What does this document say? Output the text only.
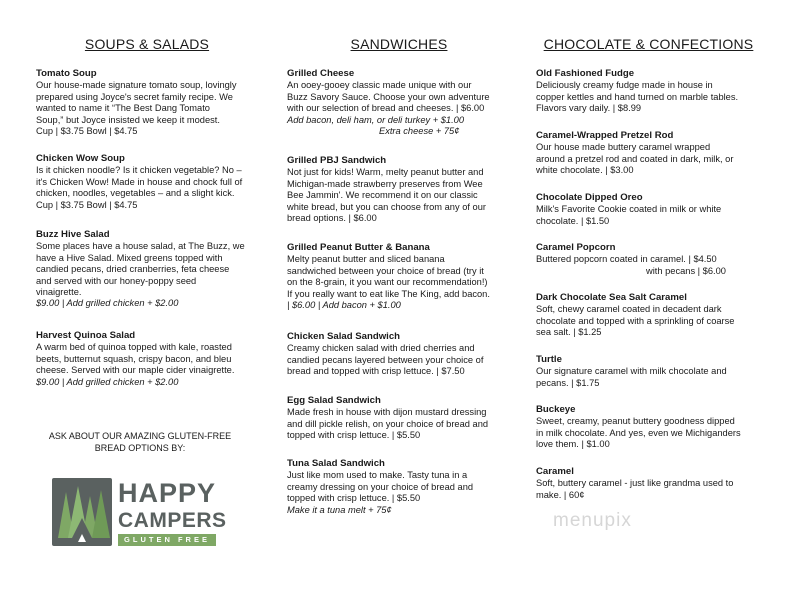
SOUPS & SALADS
Tomato Soup
Our house-made signature tomato soup, lovingly
prepared using Joyce's secret family recipe. We
wanted to name it “The Best Dang Tomato
Soup,” but Joyce insisted we keep it modest.
Cup | $3.75 Bowl | $4.75
Chicken Wow Soup
Is it chicken noodle? Is it chicken vegetable? No –
it's Chicken Wow! Made in house and chock full of
chicken, noodles, vegetables – and a slight kick.
Cup | $3.75 Bowl | $4.75
Buzz Hive Salad
Some places have a house salad, at The Buzz, we
have a Hive Salad. Mixed greens topped with
candied pecans, dried cranberries, feta cheese
and served with our honey-poppy seed
vinaigrette.
$9.00 | Add grilled chicken + $2.00
Harvest Quinoa Salad
A warm bed of quinoa topped with kale, roasted
beets, butternut squash, crispy bacon, and bleu
cheese. Served with our maple cider vinaigrette.
$9.00 | Add grilled chicken + $2.00
ASK ABOUT OUR AMAZING GLUTEN-FREE
BREAD OPTIONS BY:
HAPPY
CAMPERS
GLUTEN FREE
SANDWICHES
Grilled Cheese
An ooey-gooey classic made unique with our
Buzz Savory Sauce. Choose your own adventure
with our selection of bread and cheeses. | $6.00
Add bacon, deli ham, or deli turkey + $1.00
Extra cheese + 75¢
Grilled PBJ Sandwich
Not just for kids! Warm, melty peanut butter and
Michigan-made strawberry preserves from Wee
Bee Jammin'. We recommend it on our classic
white bread, but you can choose from any of our
bread options. | $6.00
Grilled Peanut Butter & Banana
Melty peanut butter and sliced banana
sandwiched between your choice of bread (try it
on the 8-grain, it you want our recommendation!)
If you really want to eat like The King, add bacon.
| $6.00 | Add bacon + $1.00
Chicken Salad Sandwich
Creamy chicken salad with dried cherries and
candied pecans layered between your choice of
bread and topped with crisp lettuce. | $7.50
Egg Salad Sandwich
Made fresh in house with dijon mustard dressing
and dill pickle relish, on your choice of bread and
topped with crisp lettuce. | $5.50
Tuna Salad Sandwich
Just like mom used to make. Tasty tuna in a
creamy dressing on your choice of bread and
topped with crisp lettuce. | $5.50
Make it a tuna melt + 75¢
CHOCOLATE & CONFECTIONS
Old Fashioned Fudge
Deliciously creamy fudge made in house in
copper kettles and hand turned on marble tables.
Flavors vary daily. | $8.99
Caramel-Wrapped Pretzel Rod
Our house made buttery caramel wrapped
around a pretzel rod and coated in dark, milk, or
white chocolate. | $3.00
Chocolate Dipped Oreo
Milk's Favorite Cookie coated in milk or white
chocolate. | $1.50
Caramel Popcorn
Buttered popcorn coated in caramel. | $4.50
with pecans | $6.00
Dark Chocolate Sea Salt Caramel
Soft, chewy caramel coated in decadent dark
chocolate and topped with a sprinkling of coarse
sea salt. | $1.25
Turtle
Our signature caramel with milk chocolate and
pecans. | $1.75
Buckeye
Sweet, creamy, peanut buttery goodness dipped
in milk chocolate. And yes, even we Michiganders
love them. | $1.00
Caramel
Soft, buttery caramel - just like grandma used to
make. | 60¢
menupix
